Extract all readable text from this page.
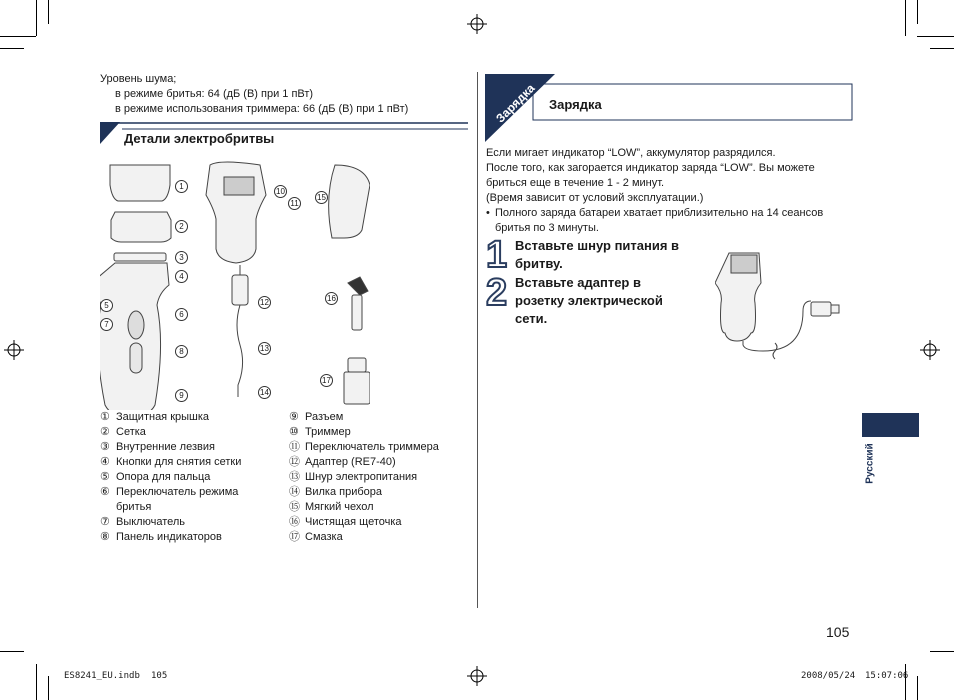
Уровень шума;
в режиме бритья: 64 (дБ (B) при 1 пВт)
в режиме использования триммера: 66 (дБ (B) при 1 пВт)
Детали электробритвы
1
2
3
4
5
6
7
8
9
10
11
12
13
14
15
16
17
① Защитная крышка
② Сетка
③ Внутренние лезвия
④ Кнопки для снятия сетки
⑤ Опора для пальца
⑥ Переключатель режима бритья
⑦ Выключатель
⑧ Панель индикаторов
⑨ Разъем
⑩ Триммер
⑪ Переключатель триммера
⑫ Адаптер (RE7-40)
⑬ Шнур электропитания
⑭ Вилка прибора
⑮ Мягкий чехол
⑯ Чистящая щеточка
⑰ Смазка
Зарядка Зарядка
Если мигает индикатор “LOW”, аккумулятор разрядился.
После того, как загорается индикатор заряда “LOW”. Вы можете бриться еще в течение 1 - 2 минут.
(Время зависит от условий эксплуатации.)
• Полного заряда батареи хватает приблизительно на 14 сеансов бритья по 3 минуты.
1 Вставьте шнур питания в бритву.
2 Вставьте адаптер в розетку электрической сети.
Русский
105
ES8241_EU.indb 105	2008/05/24 15:07:06
